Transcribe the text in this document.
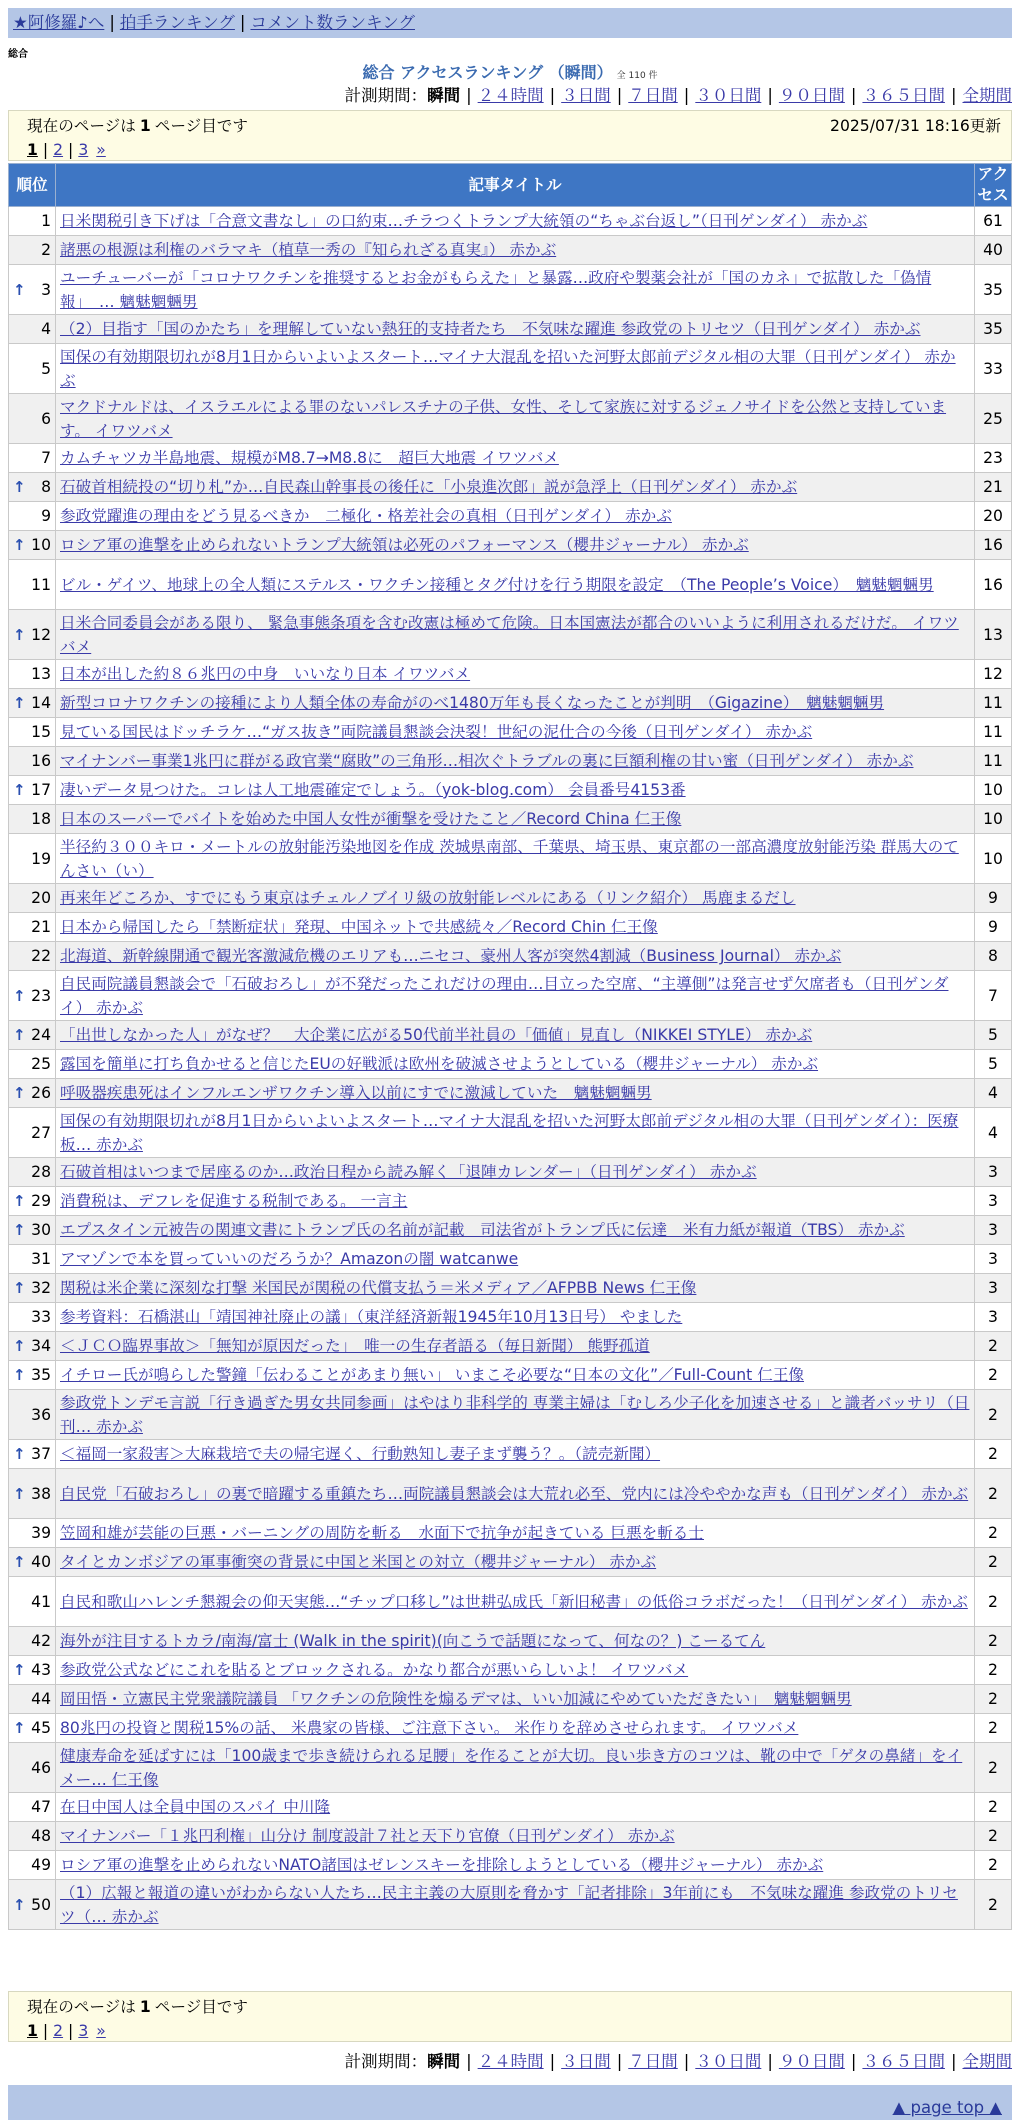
★阿修羅♪へ | 拍手ランキング | コメント数ランキング
総合
総合 アクセスランキング （瞬間） 全 110 件
計測期間：瞬間 | ２４時間 | ３日間 | ７日間 | ３０日間 | ９０日間 | ３６５日間 | 全期間
現在のページは 1 ページ目です	2025/07/31 18:16更新
1 | 2 | 3 »
順位	記事タイトル	アクセス
1	日米関税引き下げは「合意文書なし」の口約束…チラつくトランプ大統領の“ちゃぶ台返し”（日刊ゲンダイ） 赤かぶ	61
2	諸悪の根源は利権のバラマキ（植草一秀の『知られざる真実』） 赤かぶ	40

↑ 3	ユーチューバーが「コロナワクチンを推奨するとお金がもらえた」と暴露…政府や製薬会社が「国のカネ」で拡散した「偽情報」　… 魑魅魍魎男	35
4	（2）目指す「国のかたち」を理解していない熱狂的支持者たち　不気味な躍進 参政党のトリセツ（日刊ゲンダイ） 赤かぶ	35
5	国保の有効期限切れが8月1日からいよいよスタート…マイナ大混乱を招いた河野太郎前デジタル相の大罪（日刊ゲンダイ） 赤かぶ	33
6	マクドナルドは、イスラエルによる罪のないパレスチナの子供、女性、そして家族に対するジェノサイドを公然と支持しています。 イワツバメ	25
7	カムチャツカ半島地震、規模がM8.7→M8.8に　超巨大地震 イワツバメ	23

↑ 8	石破首相続投の“切り札”か…自民森山幹事長の後任に「小泉進次郎」説が急浮上（日刊ゲンダイ） 赤かぶ	21
9	参政党躍進の理由をどう見るべきか　二極化・格差社会の真相（日刊ゲンダイ） 赤かぶ	20

↑ 10	ロシア軍の進撃を止められないトランプ大統領は必死のパフォーマンス（櫻井ジャーナル） 赤かぶ	16
11	ビル・ゲイツ、地球上の全人類にステルス・ワクチン接種とタグ付けを行う期限を設定　（The People’s Voice）　魑魅魍魎男	16

↑ 12	日米合同委員会がある限り、 緊急事態条項を含む改憲は極めて危険。日本国憲法が都合のいいように利用されるだけだ。 イワツバメ	13
13	日本が出した約８６兆円の中身　いいなり日本 イワツバメ	12

↑ 14	新型コロナワクチンの接種により人類全体の寿命がのべ1480万年も長くなったことが判明　（Gigazine）　魑魅魍魎男	11
15	見ている国民はドッチラケ…“ガス抜き”両院議員懇談会決裂！世紀の泥仕合の今後（日刊ゲンダイ） 赤かぶ	11
16	マイナンバー事業1兆円に群がる政官業“腐敗”の三角形…相次ぐトラブルの裏に巨額利権の甘い蜜（日刊ゲンダイ） 赤かぶ	11

↑ 17	凄いデータ見つけた。コレは人工地震確定でしょう。（yok-blog.com） 会員番号4153番	10
18	日本のスーパーでバイトを始めた中国人女性が衝撃を受けたこと／Record China 仁王像	10
19	半径約３００キロ・メートルの放射能汚染地図を作成 茨城県南部、千葉県、埼玉県、東京都の一部高濃度放射能汚染 群馬大のてんさい（い）	10
20	再来年どころか、すでにもう東京はチェルノブイリ級の放射能レベルにある（リンク紹介） 馬鹿まるだし	9
21	日本から帰国したら「禁断症状」発現、中国ネットで共感続々／Record Chin 仁王像	9
22	北海道、新幹線開通で観光客激減危機のエリアも…ニセコ、豪州人客が突然4割減（Business Journal） 赤かぶ	8

↑ 23	自民両院議員懇談会で「石破おろし」が不発だったこれだけの理由…目立った空席、“主導側”は発言せず欠席者も（日刊ゲンダイ） 赤かぶ	7

↑ 24	「出世しなかった人」がなぜ？　大企業に広がる50代前半社員の「価値」見直し（NIKKEI STYLE） 赤かぶ	5
25	露国を簡単に打ち負かせると信じたEUの好戦派は欧州を破滅させようとしている（櫻井ジャーナル） 赤かぶ	5

↑ 26	呼吸器疾患死はインフルエンザワクチン導入以前にすでに激減していた　魑魅魍魎男	4
27	国保の有効期限切れが8月1日からいよいよスタート…マイナ大混乱を招いた河野太郎前デジタル相の大罪（日刊ゲンダイ）：医療板… 赤かぶ	4
28	石破首相はいつまで居座るのか…政治日程から読み解く「退陣カレンダー」（日刊ゲンダイ） 赤かぶ	3

↑ 29	消費税は、デフレを促進する税制である。 一言主	3

↑ 30	エプスタイン元被告の関連文書にトランプ氏の名前が記載　司法省がトランプ氏に伝達　米有力紙が報道（TBS） 赤かぶ	3
31	アマゾンで本を買っていいのだろうか？Amazonの闇 watcanwe	3

↑ 32	関税は米企業に深刻な打撃 米国民が関税の代償支払う＝米メディア／AFPBB News 仁王像	3
33	参考資料：石橋湛山「靖国神社廃止の議」（東洋経済新報1945年10月13日号） やました	3

↑ 34	＜ＪＣＯ臨界事故＞「無知が原因だった」　唯一の生存者語る（毎日新聞） 熊野孤道	2

↑ 35	イチロー氏が鳴らした警鐘「伝わることがあまり無い」 いまこそ必要な“日本の文化”／Full-Count 仁王像	2
36	参政党トンデモ言説「行き過ぎた男女共同参画」はやはり非科学的 専業主婦は「むしろ少子化を加速させる」と識者バッサリ（日刊… 赤かぶ	2

↑ 37	＜福岡一家殺害＞大麻栽培で夫の帰宅遅く、行動熟知し妻子まず襲う？。（読売新聞）	2

↑ 38	自民党「石破おろし」の裏で暗躍する重鎮たち…両院議員懇談会は大荒れ必至、党内には冷ややかな声も（日刊ゲンダイ） 赤かぶ	2
39	笠岡和雄が芸能の巨悪・バーニングの周防を斬る　水面下で抗争が起きている 巨悪を斬る士	2

↑ 40	タイとカンボジアの軍事衝突の背景に中国と米国との対立（櫻井ジャーナル） 赤かぶ	2
41	自民和歌山ハレンチ懇親会の仰天実態…“チップ口移し”は世耕弘成氏「新旧秘書」の低俗コラボだった！（日刊ゲンダイ） 赤かぶ	2
42	海外が注目するトカラ/南海/富士 (Walk in the spirit)(向こうで話題になって、何なの？) こーるてん	2

↑ 43	参政党公式などにこれを貼るとブロックされる。かなり都合が悪いらしいよ！ イワツバメ	2
44	岡田悟・立憲民主党衆議院議員 「ワクチンの危険性を煽るデマは、いい加減にやめていただきたい」　魑魅魍魎男	2

↑ 45	80兆円の投資と関税15%の話、 米農家の皆様、ご注意下さい。 米作りを辞めさせられます。 イワツバメ	2
46	健康寿命を延ばすには「100歳まで歩き続けられる足腰」を作ることが大切。良い歩き方のコツは、靴の中で「ゲタの鼻緒」をイメー… 仁王像	2
47	在日中国人は全員中国のスパイ 中川隆	2
48	マイナンバー「１兆円利権」山分け 制度設計７社と天下り官僚（日刊ゲンダイ） 赤かぶ	2
49	ロシア軍の進撃を止められないNATO諸国はゼレンスキーを排除しようとしている（櫻井ジャーナル） 赤かぶ	2

↑ 50	（1）広報と報道の違いがわからない人たち…民主主義の大原則を脅かす「記者排除」3年前にも　不気味な躍進 参政党のトリセツ（… 赤かぶ	2
現在のページは 1 ページ目です
1 | 2 | 3 »
計測期間：瞬間 | ２４時間 | ３日間 | ７日間 | ３０日間 | ９０日間 | ３６５日間 | 全期間
▲ page top ▲
